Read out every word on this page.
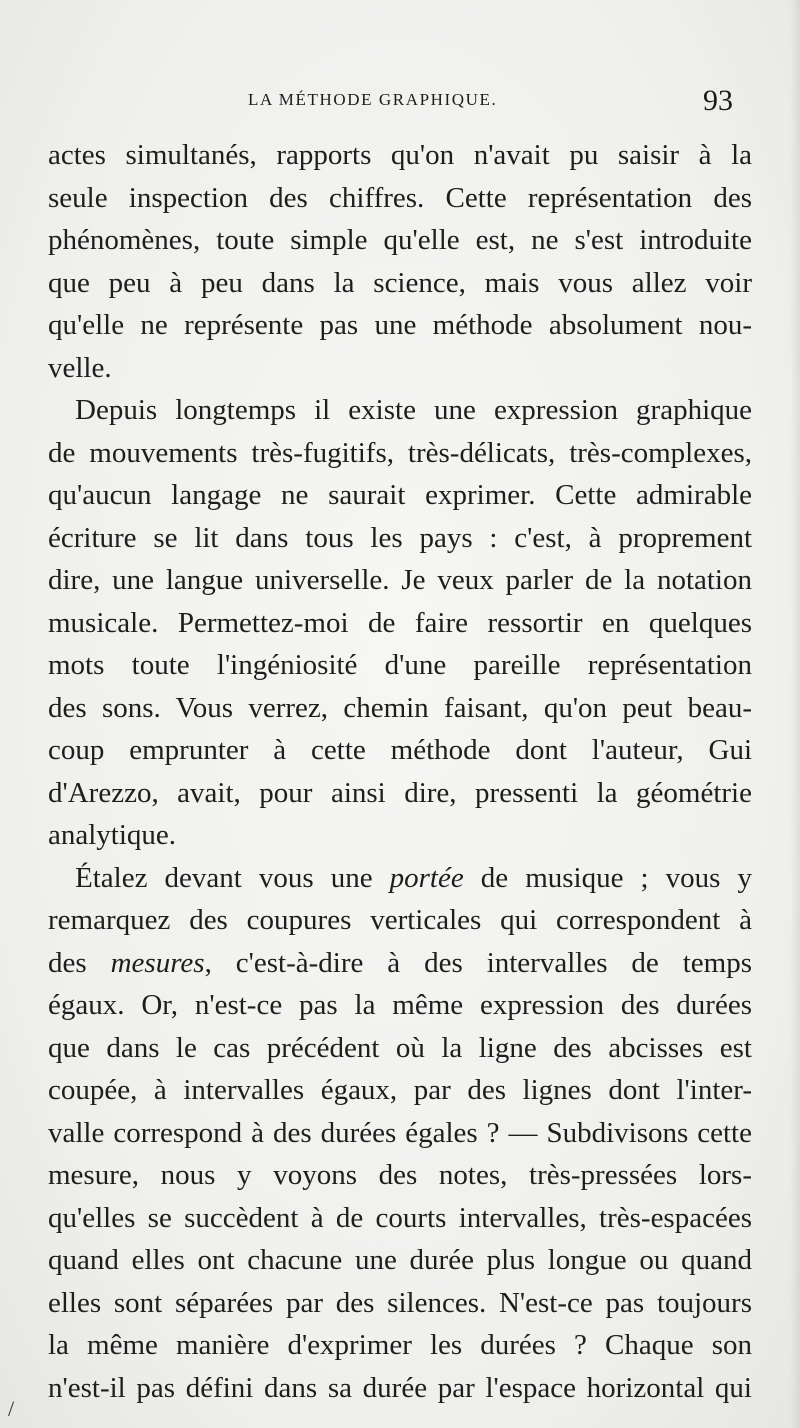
LA MÉTHODE GRAPHIQUE.	93
actes simultanés, rapports qu'on n'avait pu saisir à la
seule inspection des chiffres. Cette représentation des
phénomènes, toute simple qu'elle est, ne s'est introduite
que peu à peu dans la science, mais vous allez voir
qu'elle ne représente pas une méthode absolument nou-
velle.
Depuis longtemps il existe une expression graphique
de mouvements très-fugitifs, très-délicats, très-complexes,
qu'aucun langage ne saurait exprimer. Cette admirable
écriture se lit dans tous les pays : c'est, à proprement
dire, une langue universelle. Je veux parler de la notation
musicale. Permettez-moi de faire ressortir en quelques
mots toute l'ingéniosité d'une pareille représentation
des sons. Vous verrez, chemin faisant, qu'on peut beau-
coup emprunter à cette méthode dont l'auteur, Gui
d'Arezzo, avait, pour ainsi dire, pressenti la géométrie
analytique.
Étalez devant vous une portée de musique ; vous y
remarquez des coupures verticales qui correspondent à
des mesures, c'est-à-dire à des intervalles de temps
égaux. Or, n'est-ce pas la même expression des durées
que dans le cas précédent où la ligne des abcisses est
coupée, à intervalles égaux, par des lignes dont l'inter-
valle correspond à des durées égales ? — Subdivisons cette
mesure, nous y voyons des notes, très-pressées lors-
qu'elles se succèdent à de courts intervalles, très-espacées
quand elles ont chacune une durée plus longue ou quand
elles sont séparées par des silences. N'est-ce pas toujours
la même manière d'exprimer les durées ? Chaque son
n'est-il pas défini dans sa durée par l'espace horizontal qui
/
